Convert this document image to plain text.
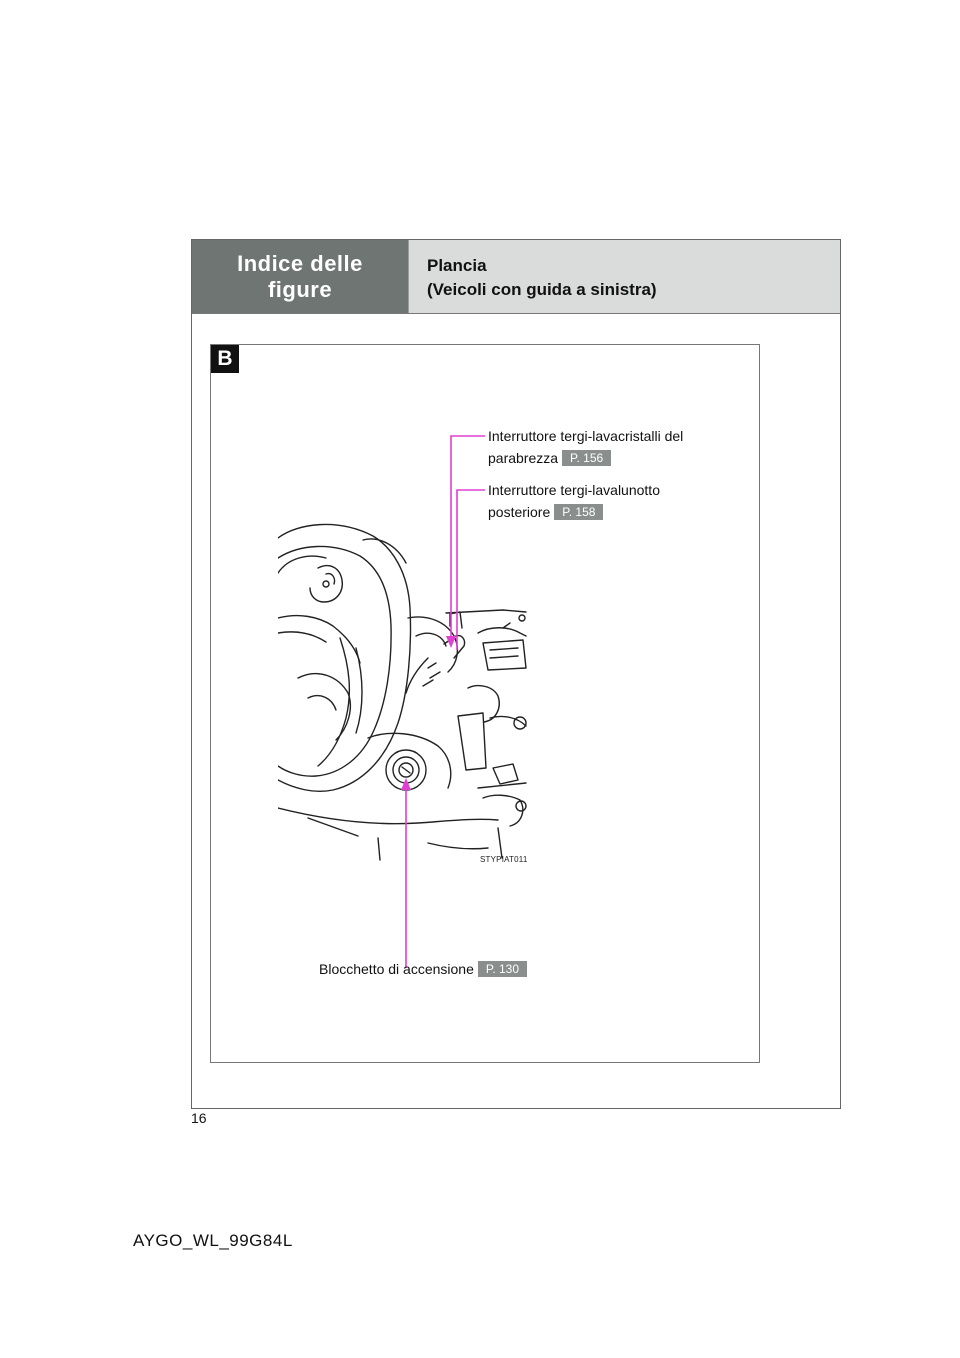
Indice delle figure
Plancia
(Veicoli con guida a sinistra)
B
STYPIAT011
Interruttore tergi-lavacristalli del
parabrezza P. 156
Interruttore tergi-lavalunotto
posteriore P. 158
Blocchetto di accensione P. 130
16
AYGO_WL_99G84L
